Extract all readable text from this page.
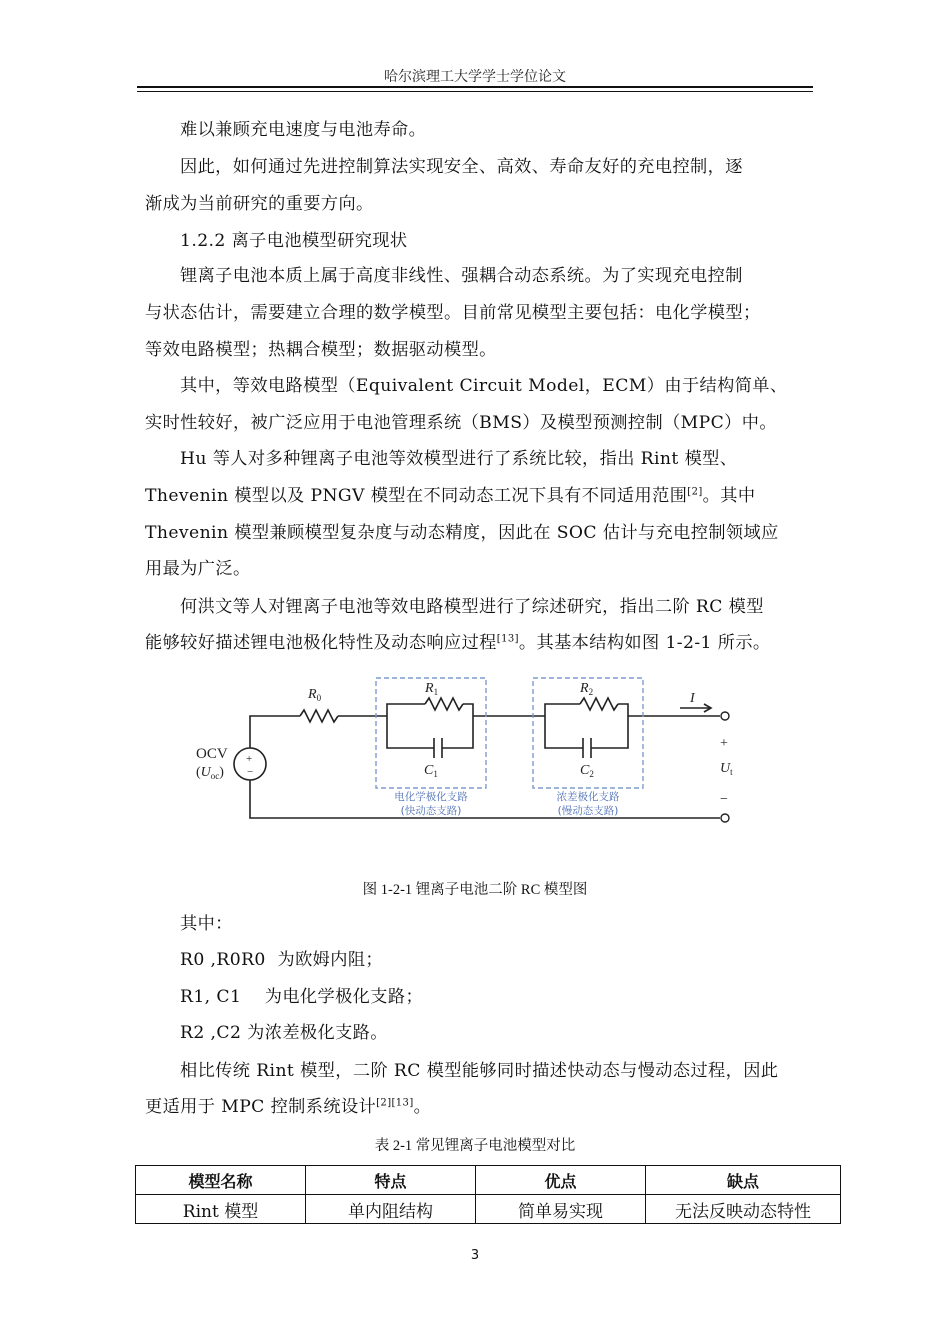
哈尔滨理工大学学士学位论文
难以兼顾充电速度与电池寿命。
因此，如何通过先进控制算法实现安全、高效、寿命友好的充电控制，逐
渐成为当前研究的重要方向。
1.2.2 离子电池模型研究现状
锂离子电池本质上属于高度非线性、强耦合动态系统。为了实现充电控制
与状态估计，需要建立合理的数学模型。目前常见模型主要包括：电化学模型；
等效电路模型；热耦合模型；数据驱动模型。
其中，等效电路模型（Equivalent Circuit Model，ECM）由于结构简单、
实时性较好，被广泛应用于电池管理系统（BMS）及模型预测控制（MPC）中。
Hu 等人对多种锂离子电池等效模型进行了系统比较，指出 Rint 模型、
Thevenin 模型以及 PNGV 模型在不同动态工况下具有不同适用范围[2]。其中
Thevenin 模型兼顾模型复杂度与动态精度，因此在 SOC 估计与充电控制领域应
用最为广泛。
何洪文等人对锂离子电池等效电路模型进行了综述研究，指出二阶 RC 模型
能够较好描述锂电池极化特性及动态响应过程[13]。其基本结构如图 1-2-1 所示。
OCV
$(U_{oc})$
+
−
$R_0$
$R_1$
$C_1$
$R_2$
$C_2$
I
+
$U_t$
−
电化学极化支路
(快动态支路)
浓差极化支路
(慢动态支路)
图 1-2-1 锂离子电池二阶 RC 模型图
其中：
R0 ,R0R0  为欧姆内阻；
R1, C1    为电化学极化支路；
R2 ,C2 为浓差极化支路。
相比传统 Rint 模型，二阶 RC 模型能够同时描述快动态与慢动态过程，因此
更适用于 MPC 控制系统设计[2][13]。
表 2-1 常见锂离子电池模型对比
模型名称	特点	优点	缺点
Rint 模型	单内阻结构	简单易实现	无法反映动态特性
3
